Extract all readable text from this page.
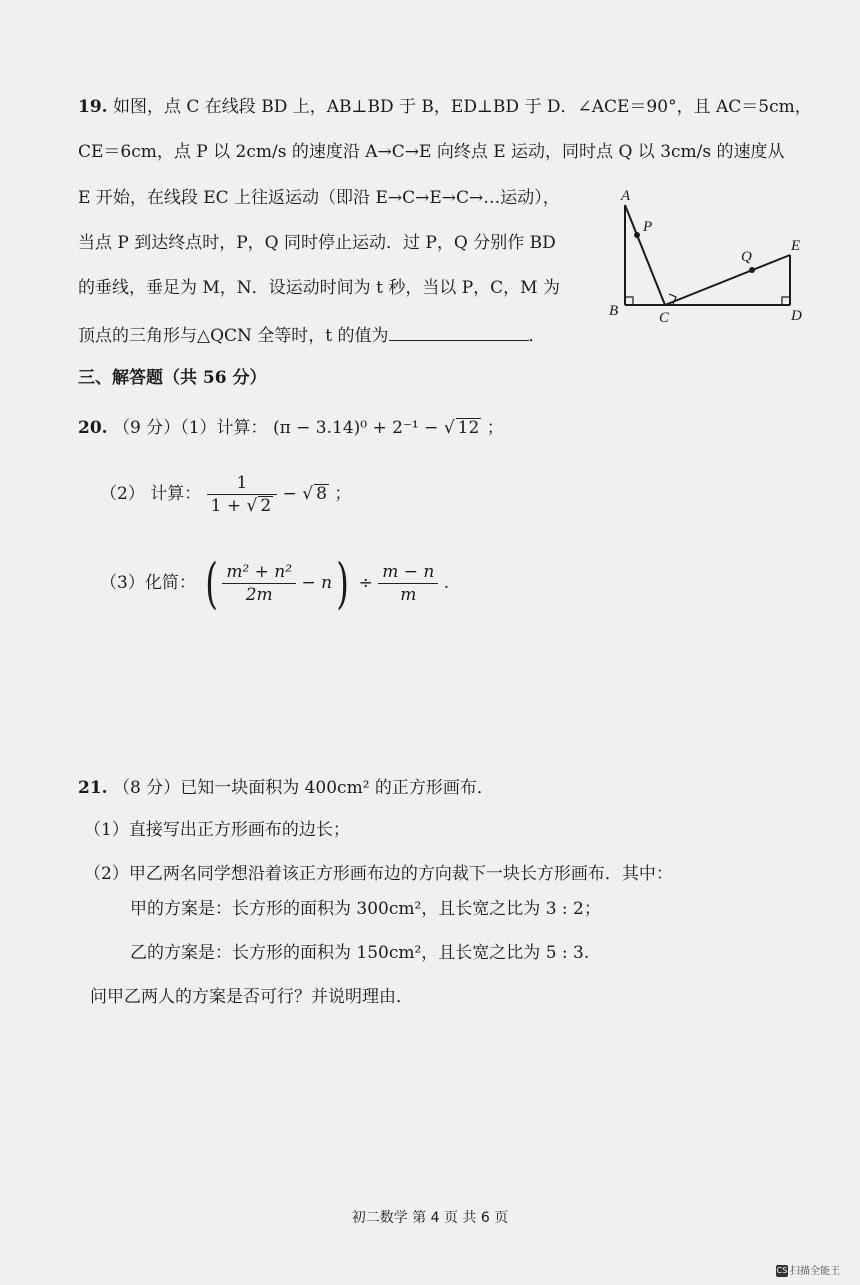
19. 如图，点 C 在线段 BD 上，AB⊥BD 于 B，ED⊥BD 于 D．∠ACE＝90°，且 AC＝5cm，
CE＝6cm，点 P 以 2cm/s 的速度沿 A→C→E 向终点 E 运动，同时点 Q 以 3cm/s 的速度从
E 开始，在线段 EC 上往返运动（即沿 E→C→E→C→…运动），
当点 P 到达终点时，P，Q 同时停止运动．过 P，Q 分别作 BD
的垂线，垂足为 M，N．设运动时间为 t 秒，当以 P，C，M 为
顶点的三角形与△QCN 全等时，t 的值为	．
A
P
B	C
Q
E
D
三、解答题（共 56 分）
20. （9 分）（1）计算： (π − 3.14)⁰ + 2⁻¹ − √ 12 ；
（2） 计算： $\frac{1}{1 + √ 2}$ − √ 8 ；
（3）化简： ( $\frac{\text{m² + n²}}{2m} - n) \div \frac{m - n}{m}$ .
21. （8 分）已知一块面积为 400cm² 的正方形画布．
（1）直接写出正方形画布的边长；
（2）甲乙两名同学想沿着该正方形画布边的方向裁下一块长方形画布．其中：
甲的方案是：长方形的面积为 300cm²，且长宽之比为 3 : 2；
乙的方案是：长方形的面积为 150cm²，且长宽之比为 5 : 3.
问甲乙两人的方案是否可行？并说明理由．
初二数学 第 4 页 共 6 页
CS 扫描全能王
